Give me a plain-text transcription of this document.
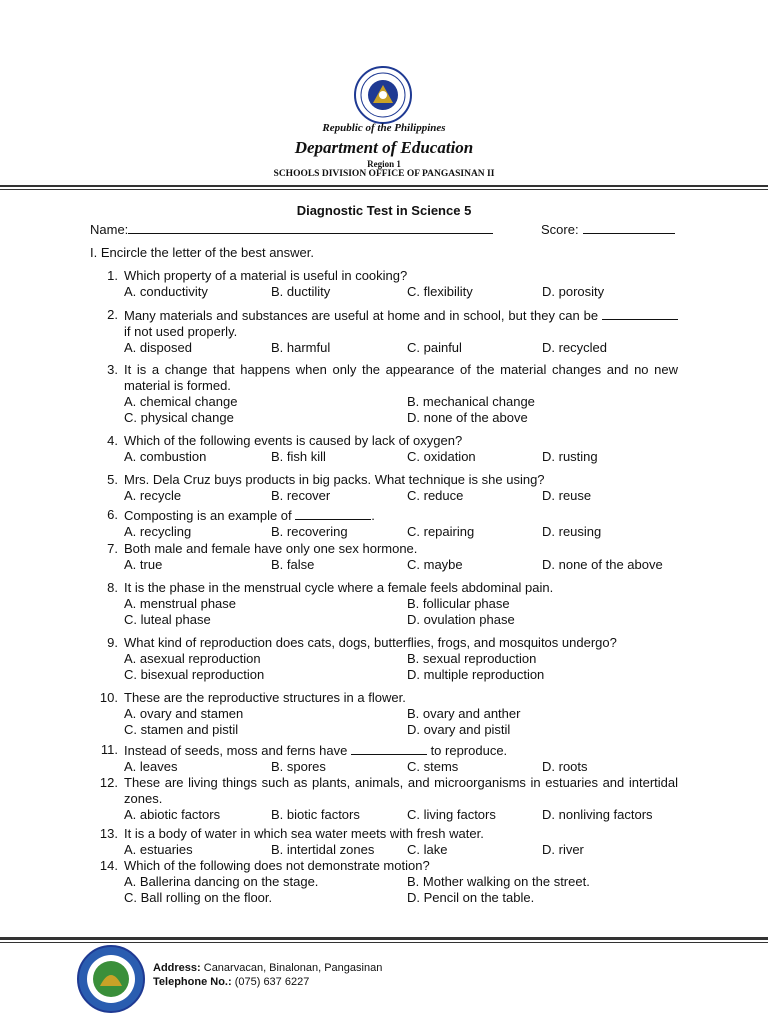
Republic of the Philippines
Department of Education
Region 1
SCHOOLS DIVISION OFFICE OF PANGASINAN II
Diagnostic Test in Science 5
Name:	Score:
I. Encircle the letter of the best answer.
1. Which property of a material is useful in cooking?
A. conductivity	B. ductility	C. flexibility	D. porosity
2. Many materials and substances are useful at home and in school, but they can be  if not used properly.
A. disposed	B. harmful	C. painful	D. recycled
3. It is a change that happens when only the appearance of the material changes and no new material is formed.
A. chemical change	B. mechanical change
C. physical change	D. none of the above
4. Which of the following events is caused by lack of oxygen?
A. combustion	B. fish kill	C. oxidation	D. rusting
5. Mrs. Dela Cruz buys products in big packs. What technique is she using?
A. recycle	B. recover	C. reduce	D. reuse
6. Composting is an example of	.
A. recycling	B. recovering	C. repairing	D. reusing
7. Both male and female have only one sex hormone.
A. true	B. false	C. maybe	D. none of the above
8. It is the phase in the menstrual cycle where a female feels abdominal pain.
A. menstrual phase	B. follicular phase
C. luteal phase	D. ovulation phase
9. What kind of reproduction does cats, dogs, butterflies, frogs, and mosquitos undergo?
A. asexual reproduction	B. sexual reproduction
C. bisexual reproduction	D. multiple reproduction
10. These are the reproductive structures in a flower.
A. ovary and stamen	B. ovary and anther
C. stamen and pistil	D. ovary and pistil
11. Instead of seeds, moss and ferns have	to reproduce.
A. leaves	B. spores	C. stems	D. roots
12. These are living things such as plants, animals, and microorganisms in estuaries and intertidal zones.
A. abiotic factors	B. biotic factors	C. living factors	D. nonliving factors
13. It is a body of water in which sea water meets with fresh water.
A. estuaries	B. intertidal zones	C. lake	D. river
14. Which of the following does not demonstrate motion?
A. Ballerina dancing on the stage.	B. Mother walking on the street.
C. Ball rolling on the floor.	D. Pencil on the table.
Address: Canarvacan, Binalonan, Pangasinan
Telephone No.: (075) 637 6227
